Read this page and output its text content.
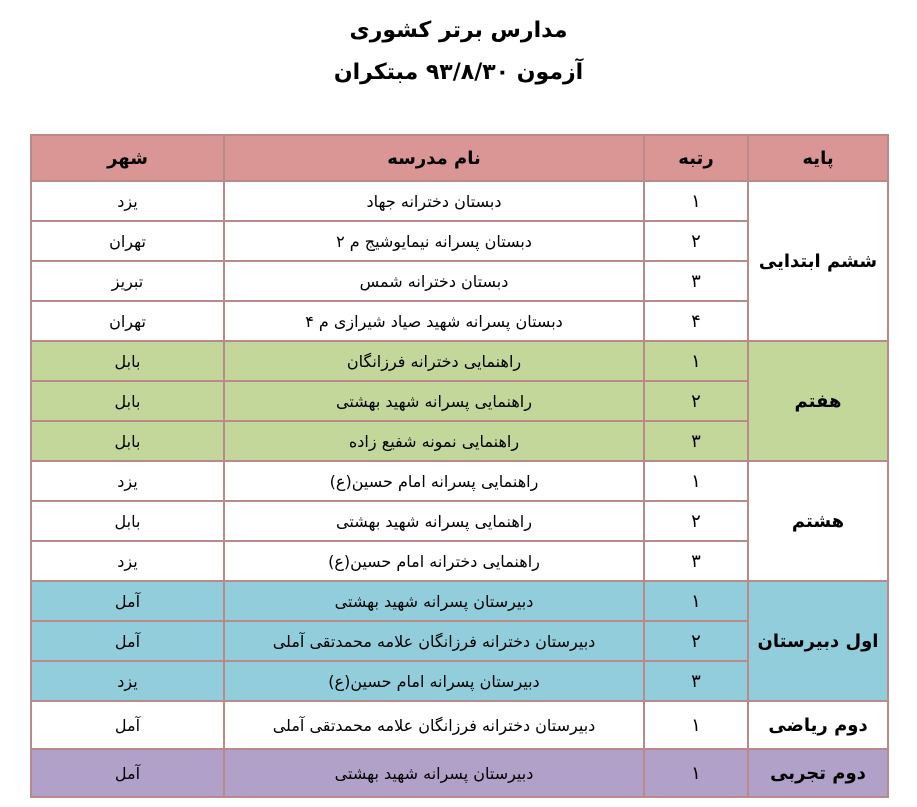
مدارس برتر کشوری
آزمون ۹۳/۸/۳۰ مبتکران
پایه	رتبه	نام مدرسه	شهر
ششم ابتدایی	۱	دبستان دخترانه جهاد	یزد
	۲	دبستان پسرانه نیمایوشیج م ۲	تهران
	۳	دبستان دخترانه شمس	تبریز
	۴	دبستان پسرانه شهید صیاد شیرازی م ۴	تهران
هفتم	۱	راهنمایی دخترانه فرزانگان	بابل
	۲	راهنمایی پسرانه شهید بهشتی	بابل
	۳	راهنمایی نمونه شفیع زاده	بابل
هشتم	۱	راهنمایی پسرانه امام حسین(ع)	یزد
	۲	راهنمایی پسرانه شهید بهشتی	بابل
	۳	راهنمایی دخترانه امام حسین(ع)	یزد
اول دبیرستان	۱	دبیرستان پسرانه شهید بهشتی	آمل
	۲	دبیرستان دخترانه فرزانگان علامه محمدتقی آملی	آمل
	۳	دبیرستان پسرانه امام حسین(ع)	یزد
دوم ریاضی	۱	دبیرستان دخترانه فرزانگان علامه محمدتقی آملی	آمل
دوم تجربی	۱	دبیرستان پسرانه شهید بهشتی	آمل
